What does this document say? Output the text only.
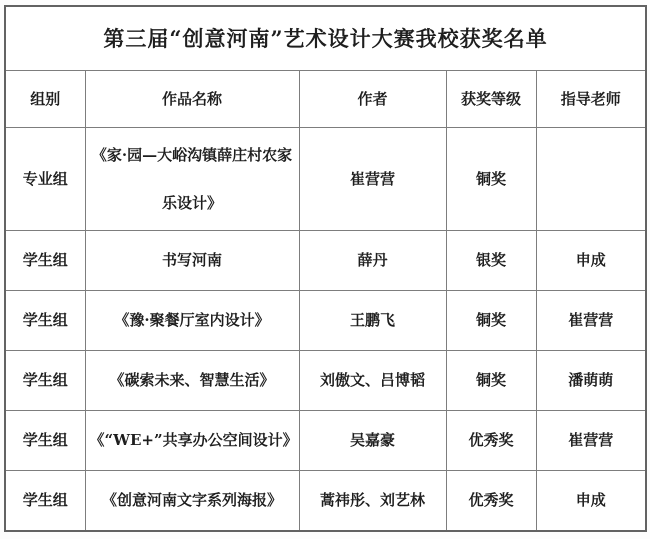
第三届“创意河南”艺术设计大赛我校获奖名单				
组别	作品名称	作者	获奖等级	指导老师
专业组	《家·园—大峪沟镇薛庄村农家乐设计》	崔营营	铜奖	
学生组	书写河南	薛丹	银奖	申成
学生组	《豫·聚餐厅室内设计》	王鹏飞	铜奖	崔营营
学生组	《碳索未来、智慧生活》	刘傲文、吕博韬	铜奖	潘萌萌
学生组	《“WE+”共享办公空间设计》	吴嘉豪	优秀奖	崔营营
学生组	《创意河南文字系列海报》	蒿祎彤、刘艺林	优秀奖	申成
